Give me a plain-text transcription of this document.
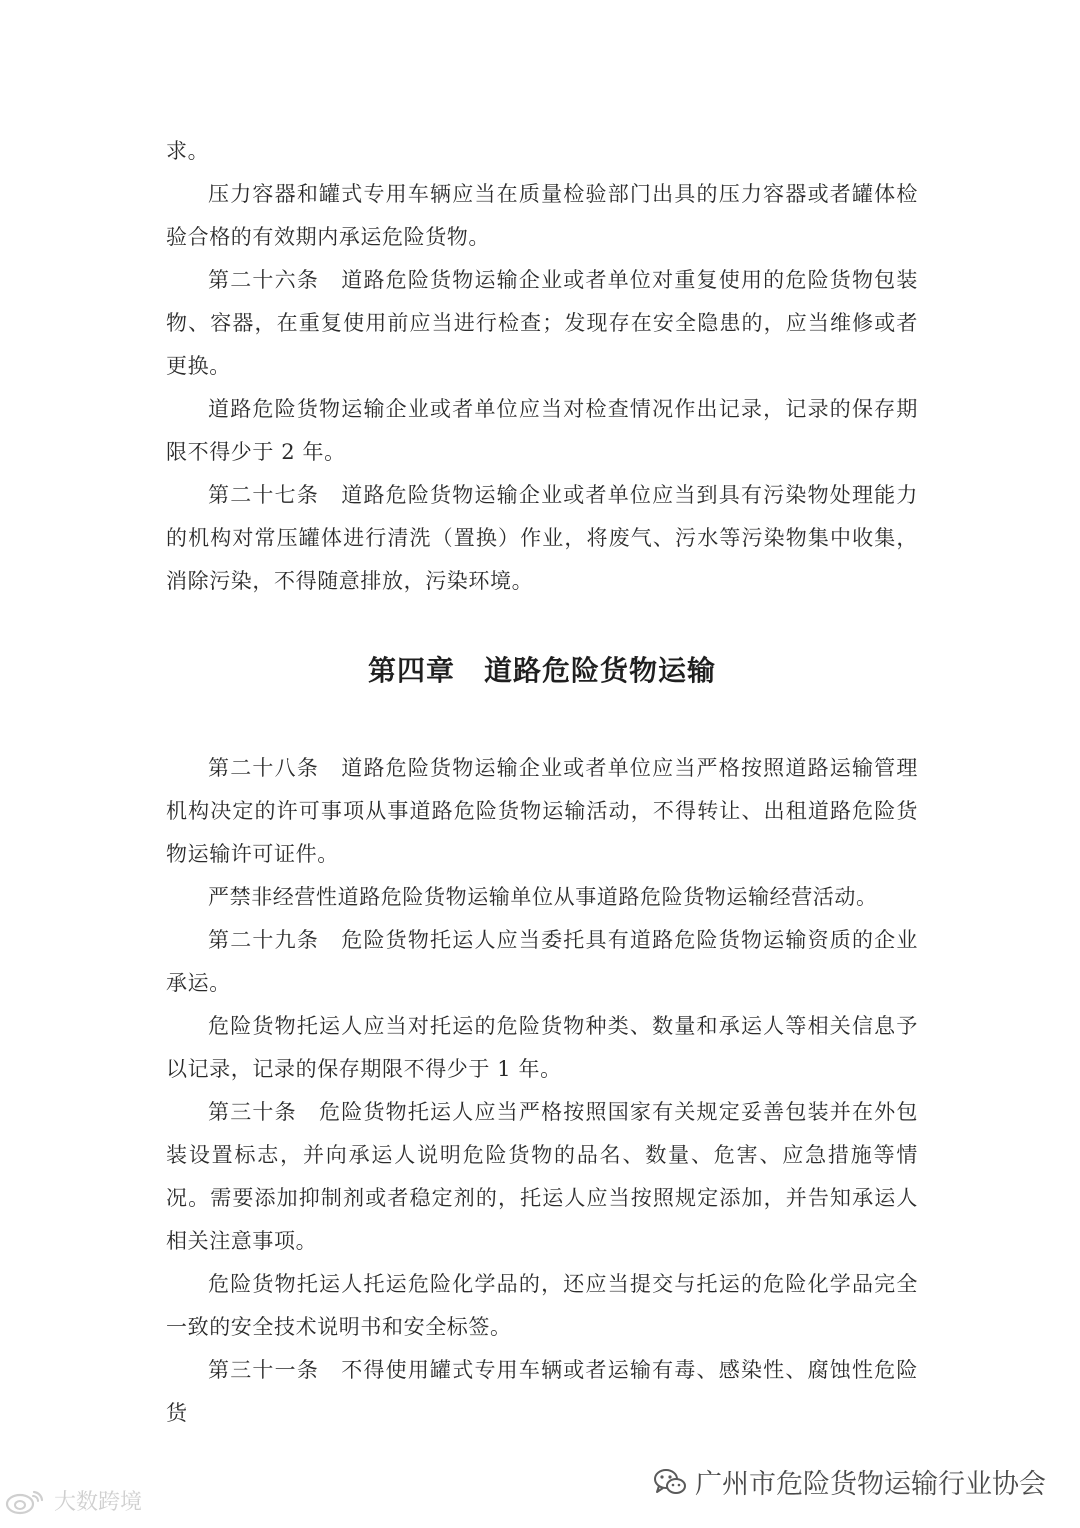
求。

压力容器和罐式专用车辆应当在质量检验部门出具的压力容器或者罐体检验合格的有效期内承运危险货物。

第二十六条　道路危险货物运输企业或者单位对重复使用的危险货物包装物、容器，在重复使用前应当进行检查；发现存在安全隐患的，应当维修或者更换。

道路危险货物运输企业或者单位应当对检查情况作出记录，记录的保存期限不得少于 2 年。

第二十七条　道路危险货物运输企业或者单位应当到具有污染物处理能力的机构对常压罐体进行清洗（置换）作业，将废气、污水等污染物集中收集，消除污染，不得随意排放，污染环境。

第四章　道路危险货物运输

第二十八条　道路危险货物运输企业或者单位应当严格按照道路运输管理机构决定的许可事项从事道路危险货物运输活动，不得转让、出租道路危险货物运输许可证件。

严禁非经营性道路危险货物运输单位从事道路危险货物运输经营活动。

第二十九条　危险货物托运人应当委托具有道路危险货物运输资质的企业承运。

危险货物托运人应当对托运的危险货物种类、数量和承运人等相关信息予以记录，记录的保存期限不得少于 1 年。

第三十条　危险货物托运人应当严格按照国家有关规定妥善包装并在外包装设置标志，并向承运人说明危险货物的品名、数量、危害、应急措施等情况。需要添加抑制剂或者稳定剂的，托运人应当按照规定添加，并告知承运人相关注意事项。

危险货物托运人托运危险化学品的，还应当提交与托运的危险化学品完全一致的安全技术说明书和安全标签。

第三十一条　不得使用罐式专用车辆或者运输有毒、感染性、腐蚀性危险货

大数跨境
广州市危险货物运输行业协会
